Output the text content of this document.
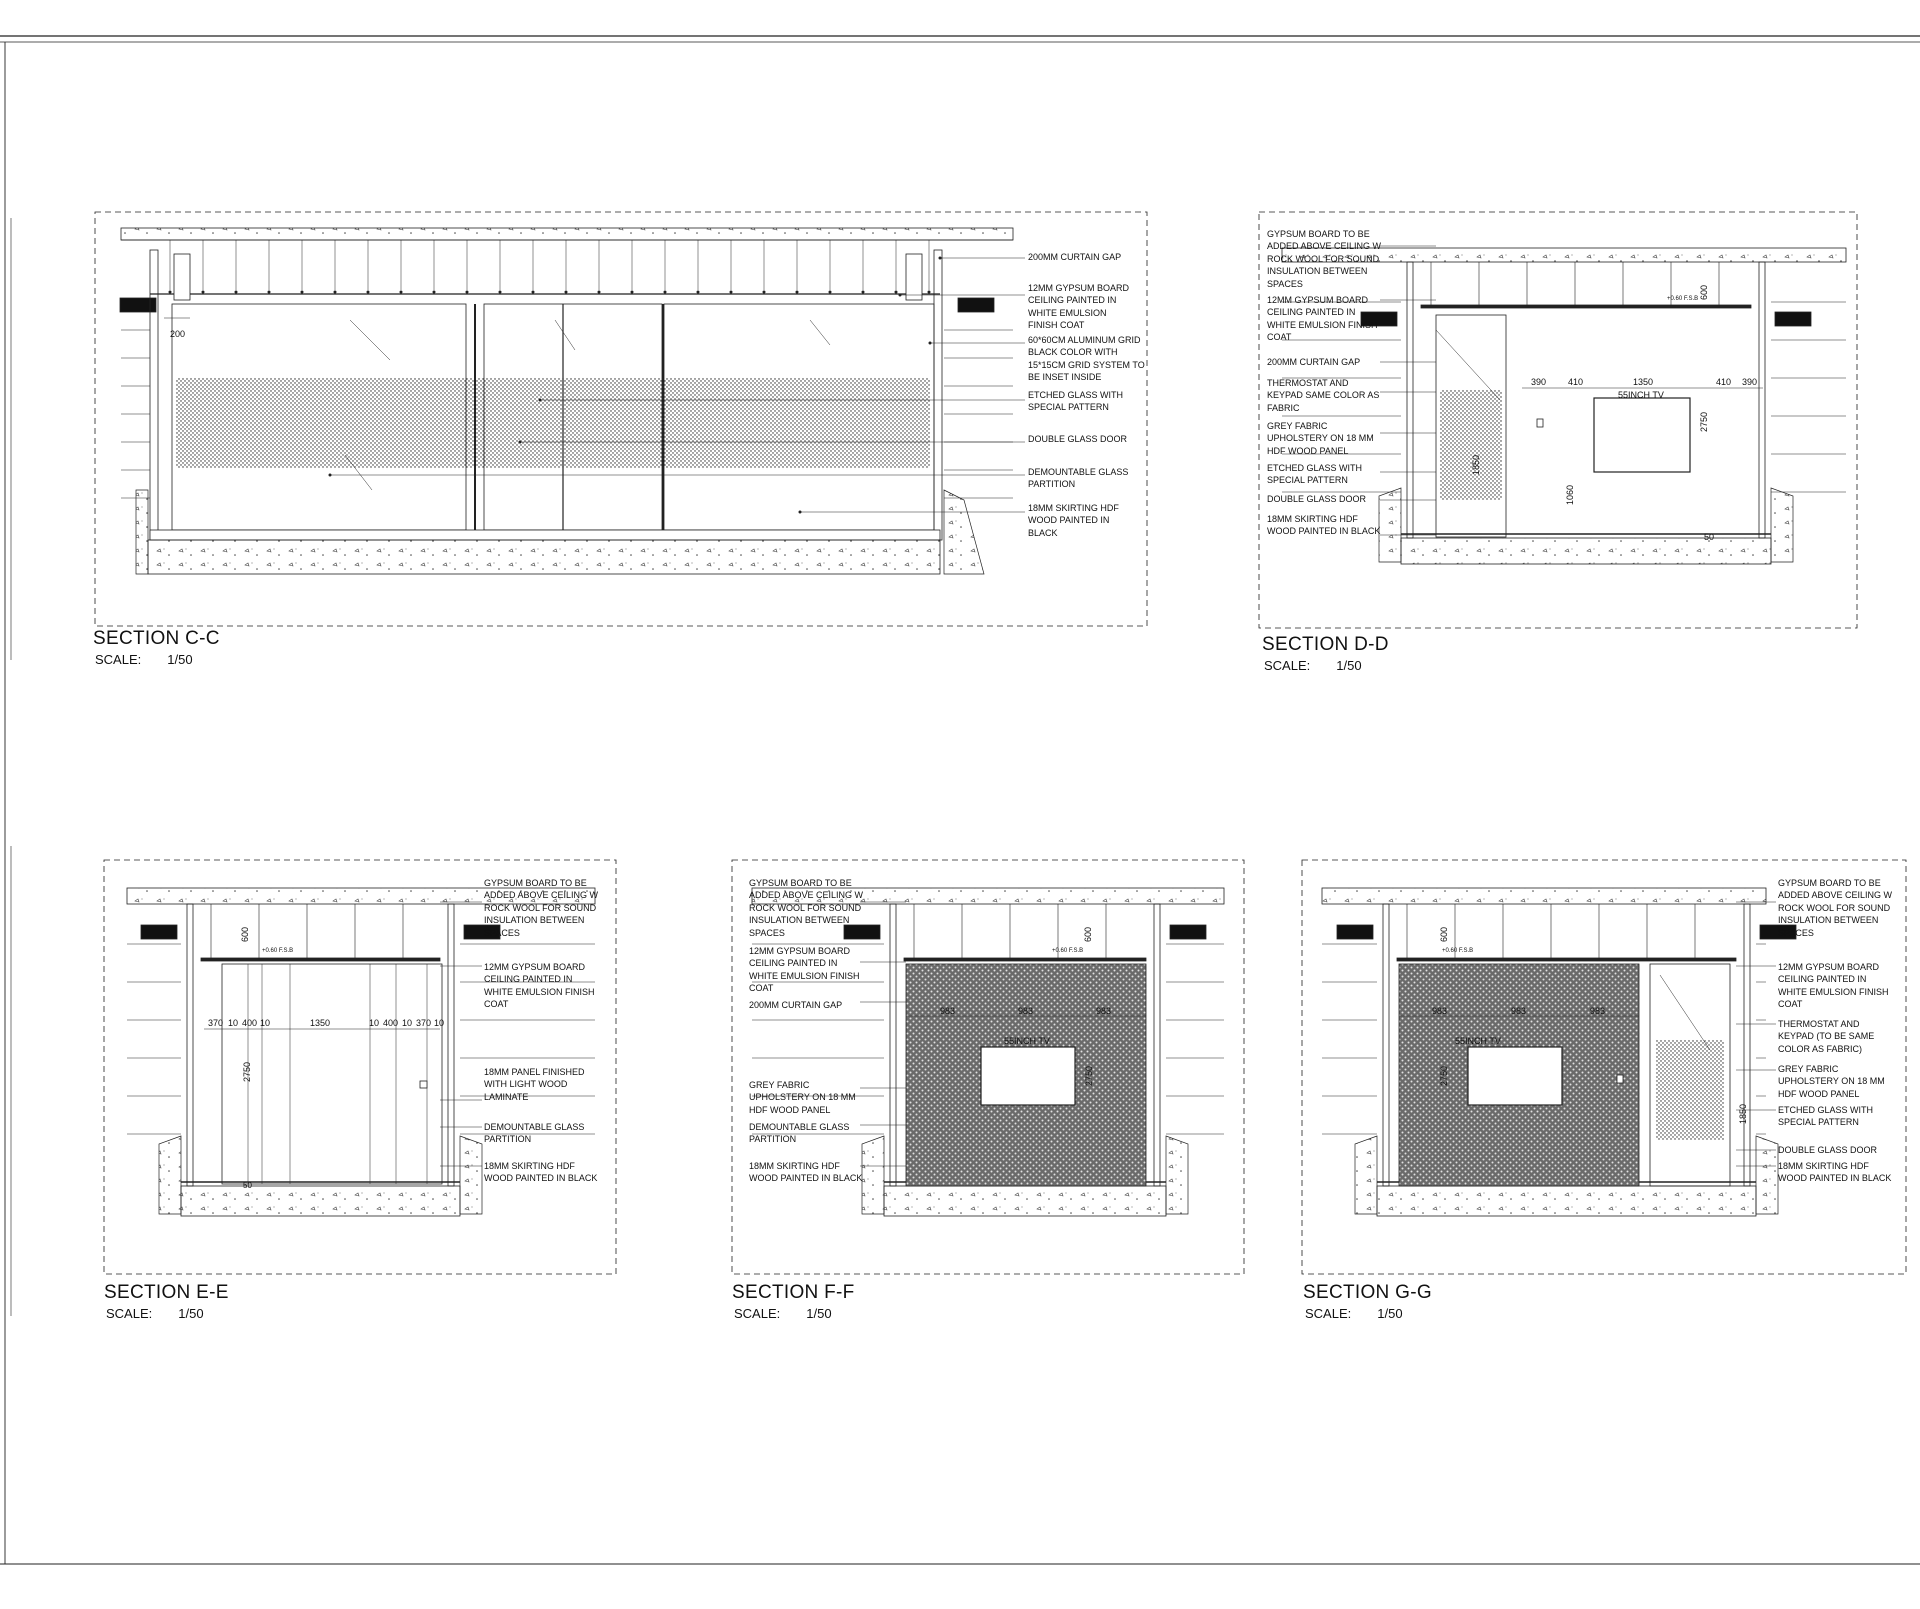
200
55INCH TV
390 410	1350	410 390
600
2750
1850
1060
50
+0.60 F.S.B
370 10 400 10	1350	10 400 10 370 10
600
2750
50
+0.60 F.S.B
55INCH TV
983	983	983
600
2750
+0.60 F.S.B
55INCH TV
983	983	983
600
2750
1850
+0.60 F.S.B
SECTION C-C
SCALE: 1/50
SECTION D-D
SCALE: 1/50
SECTION E-E
SCALE: 1/50
SECTION F-F
SCALE: 1/50
SECTION G-G
SCALE: 1/50
200MM CURTAIN GAP
12MM GYPSUM BOARD
CEILING PAINTED IN
WHITE EMULSION
FINISH COAT
60*60CM ALUMINUM GRID
BLACK COLOR WITH
15*15CM GRID SYSTEM TO
BE INSET INSIDE
ETCHED GLASS WITH
SPECIAL PATTERN
DOUBLE GLASS DOOR
DEMOUNTABLE GLASS
PARTITION
18MM SKIRTING HDF
WOOD PAINTED IN
BLACK
GYPSUM BOARD TO BE
ADDED ABOVE CEILING W
ROCK WOOL FOR SOUND
INSULATION BETWEEN
SPACES
12MM GYPSUM BOARD
CEILING PAINTED IN
WHITE EMULSION FINISH
COAT
200MM CURTAIN GAP
THERMOSTAT AND
KEYPAD SAME COLOR AS
FABRIC
GREY FABRIC
UPHOLSTERY ON 18 MM
HDF WOOD PANEL
ETCHED GLASS WITH
SPECIAL PATTERN
DOUBLE GLASS DOOR
18MM SKIRTING HDF
WOOD PAINTED IN BLACK
GYPSUM BOARD TO BE
ADDED ABOVE CEILING W
ROCK WOOL FOR SOUND
INSULATION BETWEEN
SPACES
12MM GYPSUM BOARD
CEILING PAINTED IN
WHITE EMULSION FINISH
COAT
18MM PANEL FINISHED
WITH LIGHT WOOD
LAMINATE
DEMOUNTABLE GLASS
PARTITION
18MM SKIRTING HDF
WOOD PAINTED IN BLACK
GYPSUM BOARD TO BE
ADDED ABOVE CEILING W
ROCK WOOL FOR SOUND
INSULATION BETWEEN
SPACES
12MM GYPSUM BOARD
CEILING PAINTED IN
WHITE EMULSION FINISH
COAT
200MM CURTAIN GAP
GREY FABRIC
UPHOLSTERY ON 18 MM
HDF WOOD PANEL
DEMOUNTABLE GLASS
PARTITION
18MM SKIRTING HDF
WOOD PAINTED IN BLACK
GYPSUM BOARD TO BE
ADDED ABOVE CEILING W
ROCK WOOL FOR SOUND
INSULATION BETWEEN
SPACES
12MM GYPSUM BOARD
CEILING PAINTED IN
WHITE EMULSION FINISH
COAT
THERMOSTAT AND
KEYPAD (TO BE SAME
COLOR AS FABRIC)
GREY FABRIC
UPHOLSTERY ON 18 MM
HDF WOOD PANEL
ETCHED GLASS WITH
SPECIAL PATTERN
DOUBLE GLASS DOOR
18MM SKIRTING HDF
WOOD PAINTED IN BLACK
